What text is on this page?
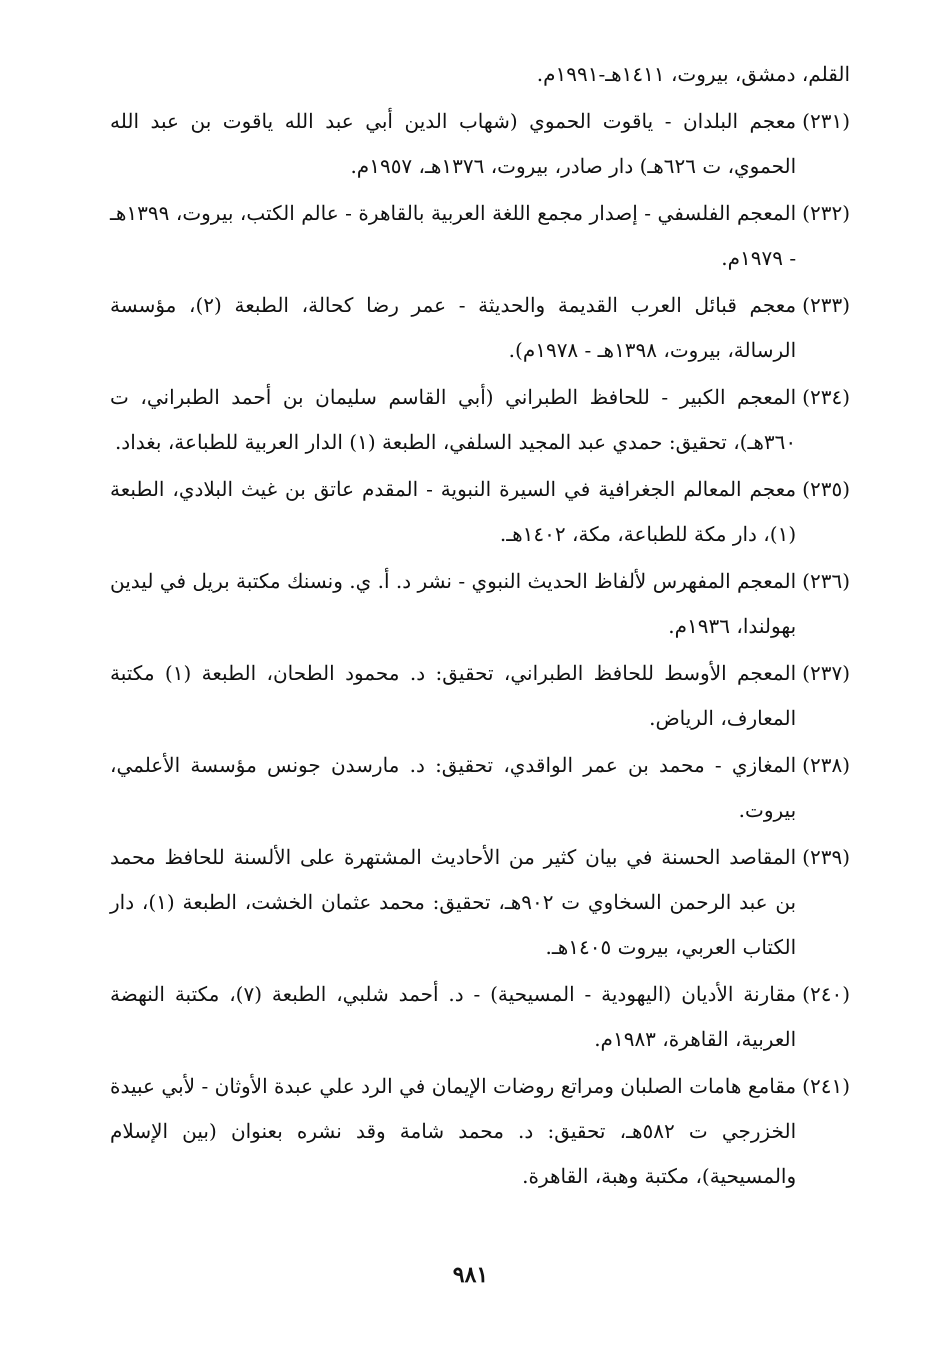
القلم، دمشق، بيروت، ١٤١١هـ-١٩٩١م.
(٢٣١)
معجم البلدان - ياقوت الحموي (شهاب الدين أبي عبد الله ياقوت بن عبد الله الحموي، ت ٦٢٦هـ) دار صادر، بيروت، ١٣٧٦هـ، ١٩٥٧م.
(٢٣٢)
المعجم الفلسفي - إصدار مجمع اللغة العربية بالقاهرة - عالم الكتب، بيروت، ١٣٩٩هـ - ١٩٧٩م.
(٢٣٣)
معجم قبائل العرب القديمة والحديثة - عمر رضا كحالة، الطبعة (٢)، مؤسسة الرسالة، بيروت، ١٣٩٨هـ - ١٩٧٨م).
(٢٣٤)
المعجم الكبير - للحافظ الطبراني (أبي القاسم سليمان بن أحمد الطبراني، ت ٣٦٠هـ)، تحقيق: حمدي عبد المجيد السلفي، الطبعة (١) الدار العربية للطباعة، بغداد.
(٢٣٥)
معجم المعالم الجغرافية في السيرة النبوية - المقدم عاتق بن غيث البلادي، الطبعة (١)، دار مكة للطباعة، مكة، ١٤٠٢هـ.
(٢٣٦)
المعجم المفهرس لألفاظ الحديث النبوي - نشر د. أ. ي. ونسنك مكتبة بريل في ليدين بهولندا، ١٩٣٦م.
(٢٣٧)
المعجم الأوسط للحافظ الطبراني، تحقيق: د. محمود الطحان، الطبعة (١) مكتبة المعارف، الرياض.
(٢٣٨)
المغازي - محمد بن عمر الواقدي، تحقيق: د. مارسدن جونس مؤسسة الأعلمي، بيروت.
(٢٣٩)
المقاصد الحسنة في بيان كثير من الأحاديث المشتهرة على الألسنة للحافظ محمد بن عبد الرحمن السخاوي ت ٩٠٢هـ، تحقيق: محمد عثمان الخشت، الطبعة (١)، دار الكتاب العربي، بيروت ١٤٠٥هـ.
(٢٤٠)
مقارنة الأديان (اليهودية - المسيحية) - د. أحمد شلبي، الطبعة (٧)، مكتبة النهضة العربية، القاهرة، ١٩٨٣م.
(٢٤١)
مقامع هامات الصلبان ومراتع روضات الإيمان في الرد علي عبدة الأوثان - لأبي عبيدة الخزرجي ت ٥٨٢هـ، تحقيق: د. محمد شامة وقد نشره بعنوان (بين الإسلام والمسيحية)، مكتبة وهبة، القاهرة.
٩٨١
